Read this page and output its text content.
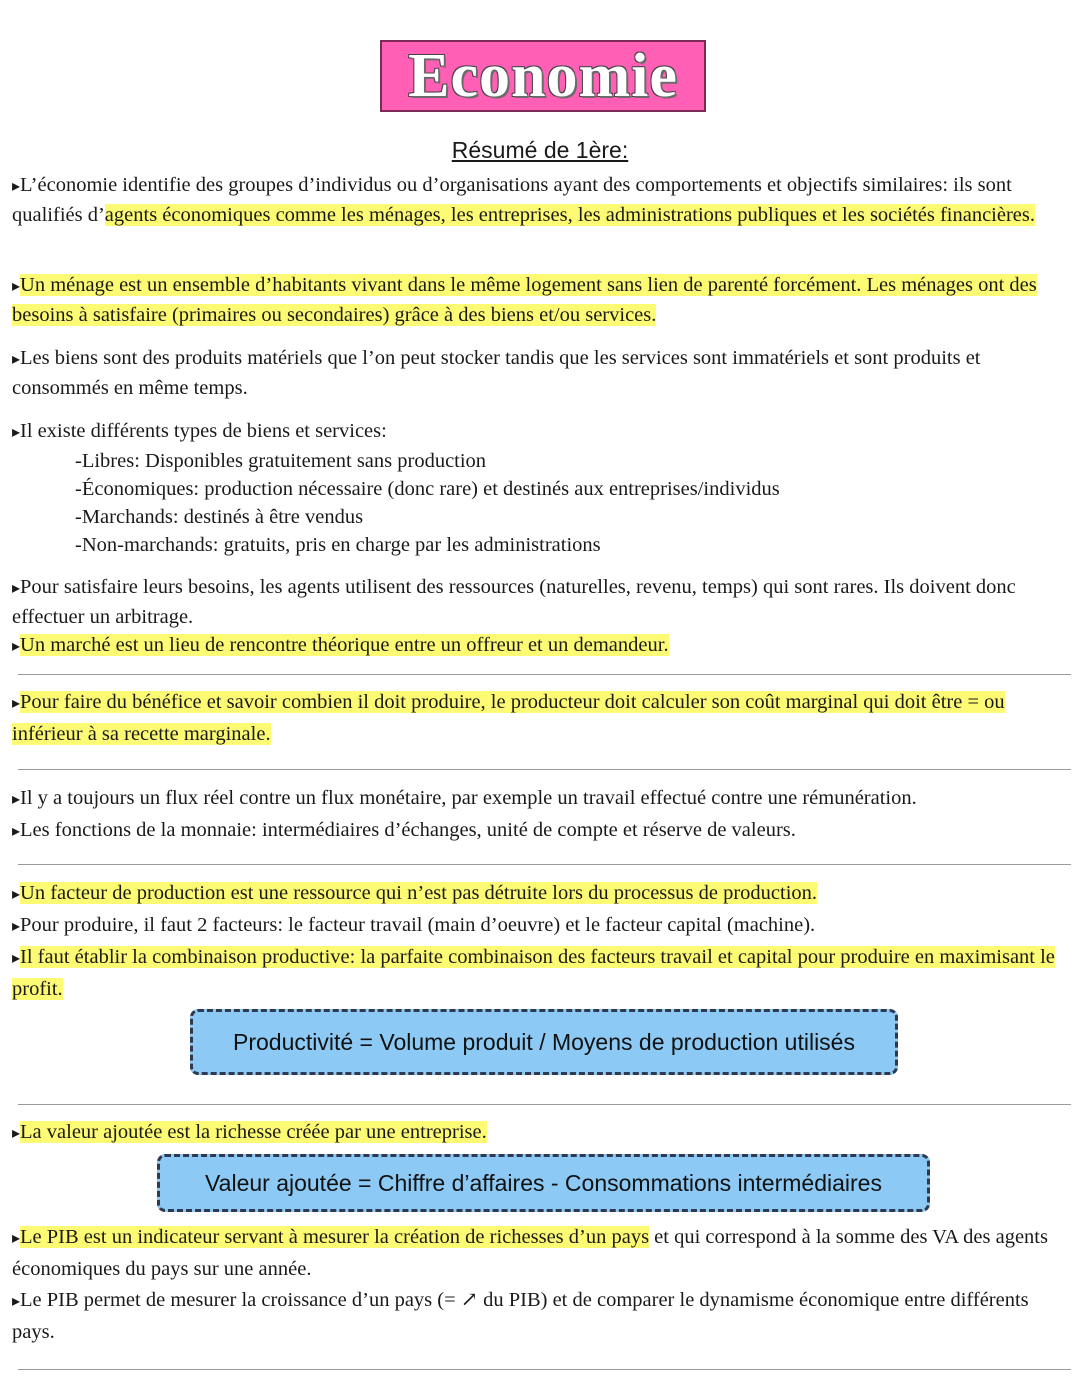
Economie
Résumé de 1ère:

▸L’économie identifie des groupes d’individus ou d’organisations ayant des comportements et objectifs similaires: ils sont qualifiés d’agents économiques comme les ménages, les entreprises, les administrations publiques et les sociétés financières.

▸Un ménage est un ensemble d’habitants vivant dans le même logement sans lien de parenté forcément. Les ménages ont des besoins à satisfaire (primaires ou secondaires) grâce à des biens et/ou services.

▸Les biens sont des produits matériels que l’on peut stocker tandis que les services sont immatériels et sont produits et consommés en même temps.

▸Il existe différents types de biens et services:
-Libres: Disponibles gratuitement sans production
-Économiques: production nécessaire (donc rare) et destinés aux entreprises/individus
-Marchands: destinés à être vendus
-Non-marchands: gratuits, pris en charge par les administrations
▸Pour satisfaire leurs besoins, les agents utilisent des ressources (naturelles, revenu, temps) qui sont rares. Ils doivent donc effectuer un arbitrage.
▸Un marché est un lieu de rencontre théorique entre un offreur et un demandeur.

▸Pour faire du bénéfice et savoir combien il doit produire, le producteur doit calculer son coût marginal qui doit être = ou inférieur à sa recette marginale.

▸Il y a toujours un flux réel contre un flux monétaire, par exemple un travail effectué contre une rémunération.
▸Les fonctions de la monnaie: intermédiaires d’échanges, unité de compte et réserve de valeurs.
▸Un facteur de production est une ressource qui n’est pas détruite lors du processus de production.
▸Pour produire, il faut 2 facteurs: le facteur travail (main d’oeuvre) et le facteur capital (machine).
▸Il faut établir la combinaison productive: la parfaite combinaison des facteurs travail et capital pour produire en maximisant le profit.
Productivité = Volume produit / Moyens de production utilisés

▸La valeur ajoutée est la richesse créée par une entreprise.

Valeur ajoutée = Chiffre d’affaires - Consommations intermédiaires
▸Le PIB est un indicateur servant à mesurer la création de richesses d’un pays et qui correspond à la somme des VA des agents économiques du pays sur une année.
▸Le PIB permet de mesurer la croissance d’un pays (= ↗ du PIB) et de comparer le dynamisme économique entre différents pays.
